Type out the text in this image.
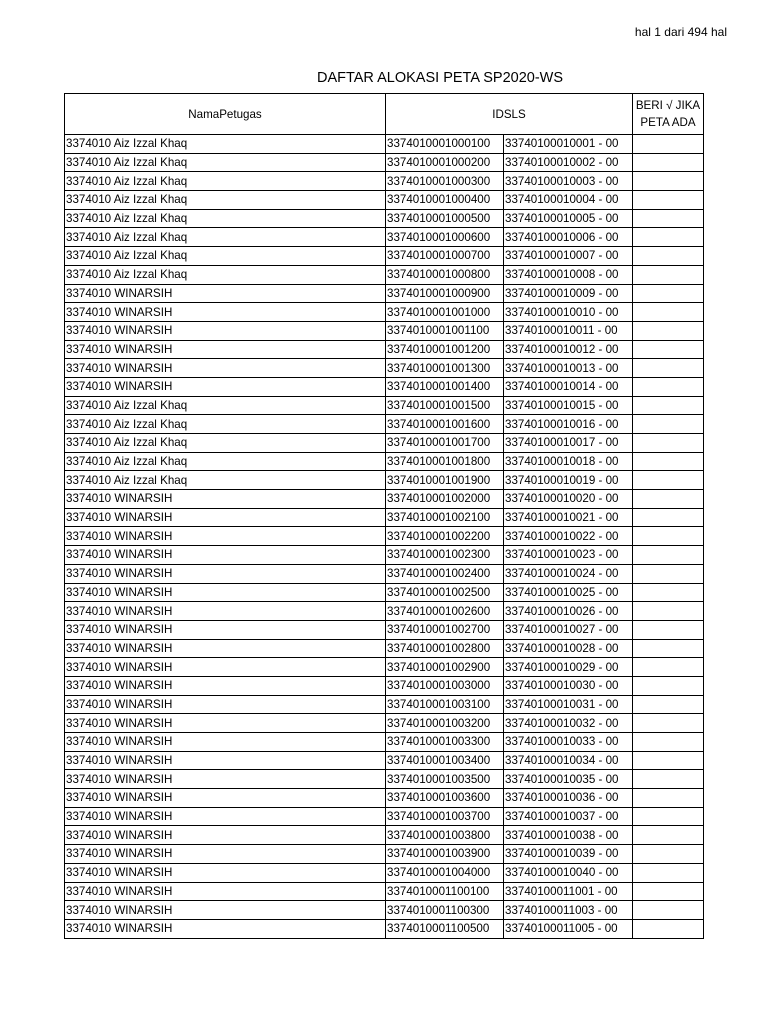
hal 1 dari 494 hal
DAFTAR ALOKASI PETA SP2020-WS
NamaPetugas	IDSLS		BERI √ JIKA
PETA ADA

3374010 Aiz Izzal Khaq	3374010001000100	33740100010001 - 00	
3374010 Aiz Izzal Khaq	3374010001000200	33740100010002 - 00	
3374010 Aiz Izzal Khaq	3374010001000300	33740100010003 - 00	
3374010 Aiz Izzal Khaq	3374010001000400	33740100010004 - 00	
3374010 Aiz Izzal Khaq	3374010001000500	33740100010005 - 00	
3374010 Aiz Izzal Khaq	3374010001000600	33740100010006 - 00	
3374010 Aiz Izzal Khaq	3374010001000700	33740100010007 - 00	
3374010 Aiz Izzal Khaq	3374010001000800	33740100010008 - 00	
3374010 WINARSIH	3374010001000900	33740100010009 - 00	
3374010 WINARSIH	3374010001001000	33740100010010 - 00	
3374010 WINARSIH	3374010001001100	33740100010011 - 00	
3374010 WINARSIH	3374010001001200	33740100010012 - 00	
3374010 WINARSIH	3374010001001300	33740100010013 - 00	
3374010 WINARSIH	3374010001001400	33740100010014 - 00	
3374010 Aiz Izzal Khaq	3374010001001500	33740100010015 - 00	
3374010 Aiz Izzal Khaq	3374010001001600	33740100010016 - 00	
3374010 Aiz Izzal Khaq	3374010001001700	33740100010017 - 00	
3374010 Aiz Izzal Khaq	3374010001001800	33740100010018 - 00	
3374010 Aiz Izzal Khaq	3374010001001900	33740100010019 - 00	
3374010 WINARSIH	3374010001002000	33740100010020 - 00	
3374010 WINARSIH	3374010001002100	33740100010021 - 00	
3374010 WINARSIH	3374010001002200	33740100010022 - 00	
3374010 WINARSIH	3374010001002300	33740100010023 - 00	
3374010 WINARSIH	3374010001002400	33740100010024 - 00	
3374010 WINARSIH	3374010001002500	33740100010025 - 00	
3374010 WINARSIH	3374010001002600	33740100010026 - 00	
3374010 WINARSIH	3374010001002700	33740100010027 - 00	
3374010 WINARSIH	3374010001002800	33740100010028 - 00	
3374010 WINARSIH	3374010001002900	33740100010029 - 00	
3374010 WINARSIH	3374010001003000	33740100010030 - 00	
3374010 WINARSIH	3374010001003100	33740100010031 - 00	
3374010 WINARSIH	3374010001003200	33740100010032 - 00	
3374010 WINARSIH	3374010001003300	33740100010033 - 00	
3374010 WINARSIH	3374010001003400	33740100010034 - 00	
3374010 WINARSIH	3374010001003500	33740100010035 - 00	
3374010 WINARSIH	3374010001003600	33740100010036 - 00	
3374010 WINARSIH	3374010001003700	33740100010037 - 00	
3374010 WINARSIH	3374010001003800	33740100010038 - 00	
3374010 WINARSIH	3374010001003900	33740100010039 - 00	
3374010 WINARSIH	3374010001004000	33740100010040 - 00	
3374010 WINARSIH	3374010001100100	33740100011001 - 00	
3374010 WINARSIH	3374010001100300	33740100011003 - 00	
3374010 WINARSIH	3374010001100500	33740100011005 - 00	
